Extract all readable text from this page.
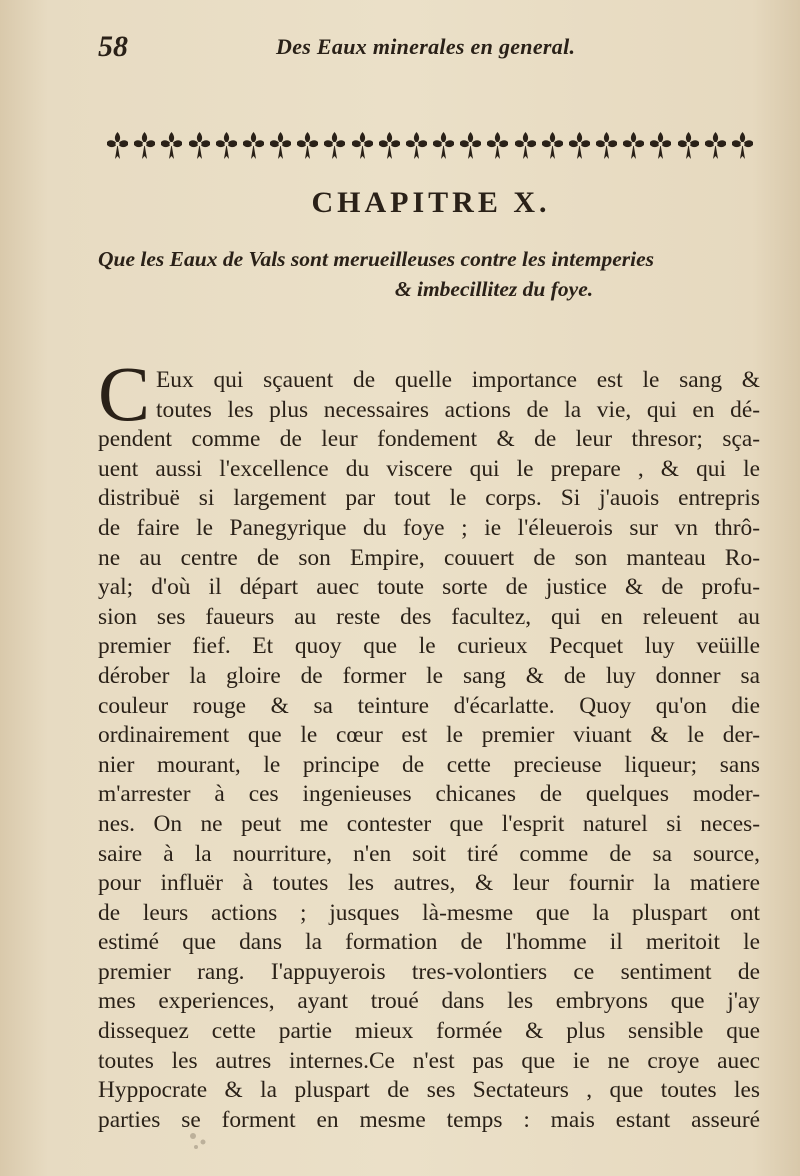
58	Des Eaux minerales en general.
CHAPITRE X.
Que les Eaux de Vals sont merueilleuses contre les intemperies
& imbecillitez du foye.
C Eux qui sçauent de quelle importance est le sang &
toutes les plus necessaires actions de la vie, qui en dé-
pendent comme de leur fondement & de leur thresor; sça-
uent aussi l'excellence du viscere qui le prepare , & qui le
distribuë si largement par tout le corps. Si j'auois entrepris
de faire le Panegyrique du foye ; ie l'éleuerois sur vn thrô-
ne au centre de son Empire, couuert de son manteau Ro-
yal; d'où il départ auec toute sorte de justice & de profu-
sion ses faueurs au reste des facultez, qui en releuent au
premier fief. Et quoy que le curieux Pecquet luy veüille
dérober la gloire de former le sang & de luy donner sa
couleur rouge & sa teinture d'écarlatte. Quoy qu'on die
ordinairement que le cœur est le premier viuant & le der-
nier mourant, le principe de cette precieuse liqueur; sans
m'arrester à ces ingenieuses chicanes de quelques moder-
nes. On ne peut me contester que l'esprit naturel si neces-
saire à la nourriture, n'en soit tiré comme de sa source,
pour influër à toutes les autres, & leur fournir la matiere
de leurs actions ; jusques là-mesme que la pluspart ont
estimé que dans la formation de l'homme il meritoit le
premier rang. I'appuyerois tres-volontiers ce sentiment de
mes experiences, ayant troué dans les embryons que j'ay
dissequez cette partie mieux formée & plus sensible que
toutes les autres internes.Ce n'est pas que ie ne croye auec
Hyppocrate & la pluspart de ses Sectateurs , que toutes les
parties se forment en mesme temps : mais estant asseuré
